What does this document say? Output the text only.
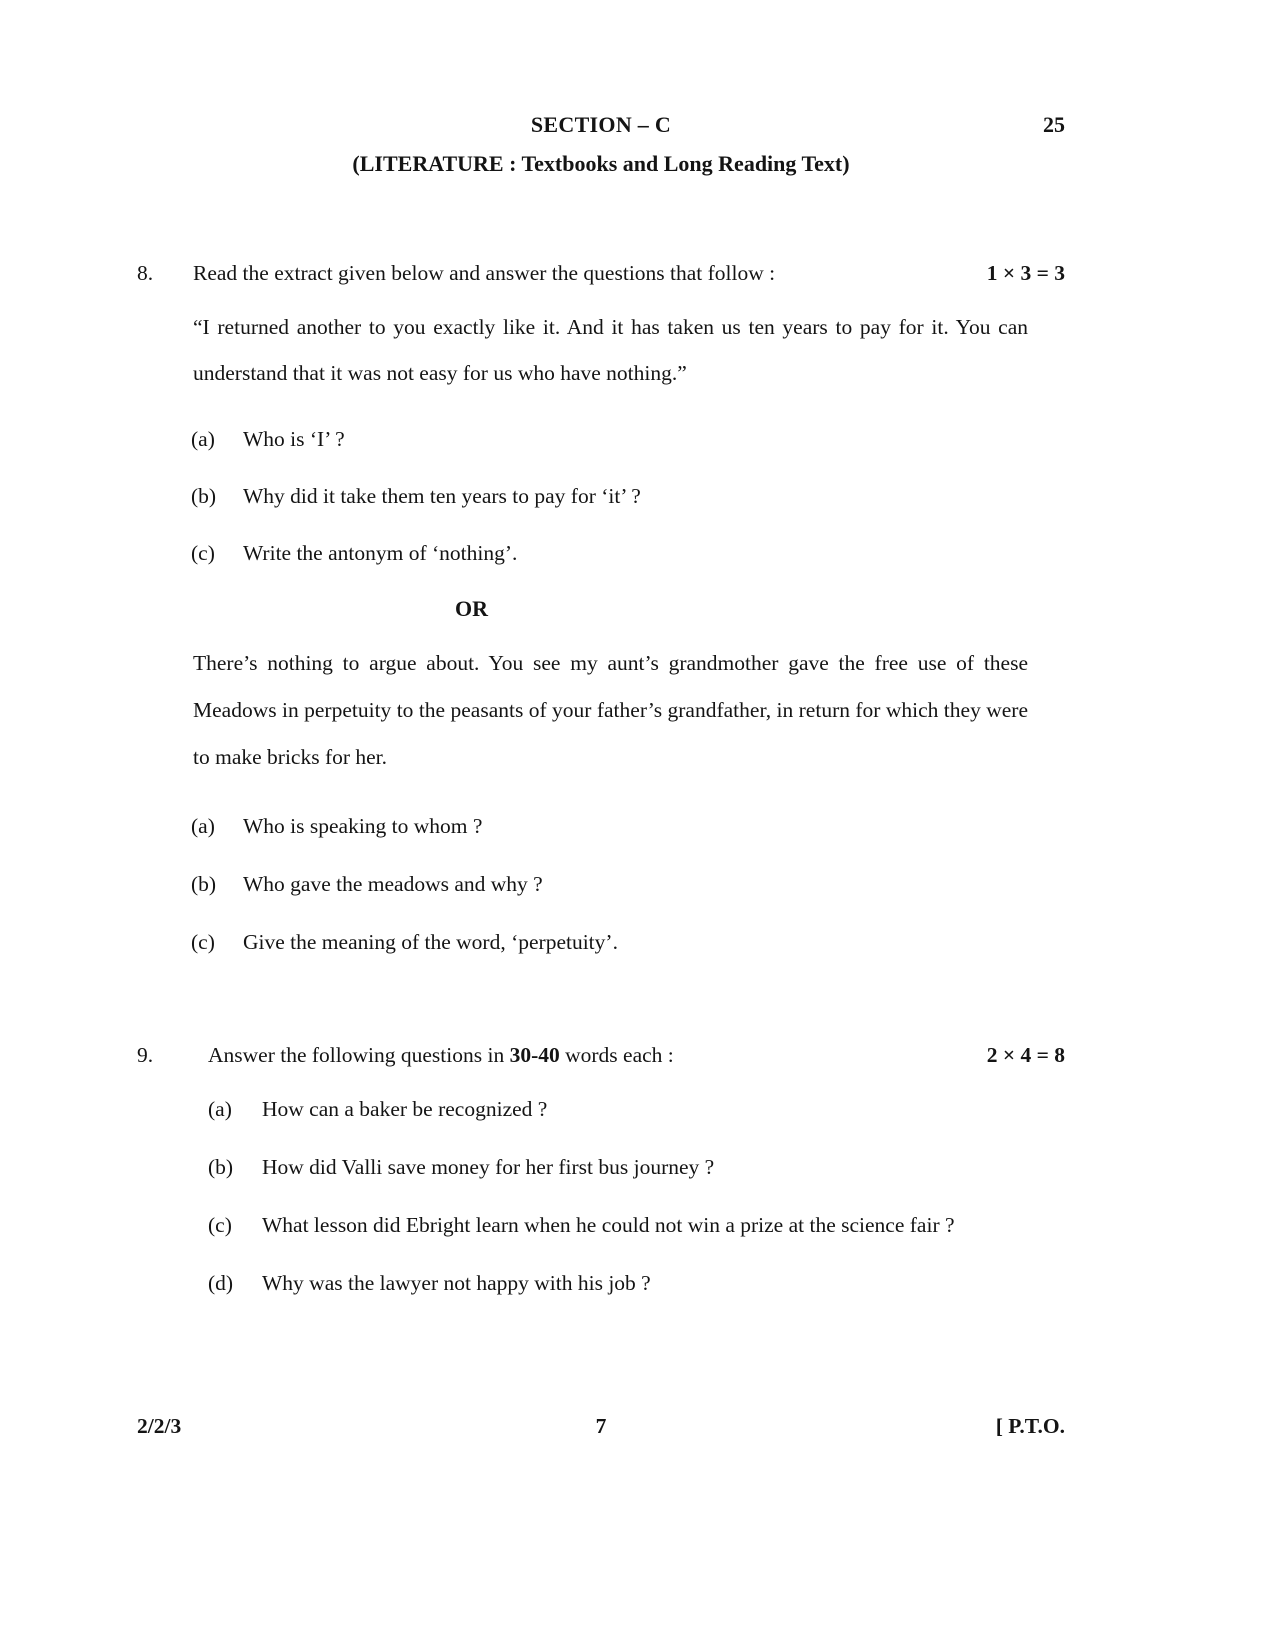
SECTION – C	25
(LITERATURE : Textbooks and Long Reading Text)
8.	Read the extract given below and answer the questions that follow :	1 × 3 = 3
“I returned another to you exactly like it. And it has taken us ten years to pay for it. You can understand that it was not easy for us who have nothing.”
(a)	Who is ‘I’ ?
(b)	Why did it take them ten years to pay for ‘it’ ?
(c)	Write the antonym of ‘nothing’.
OR
There’s nothing to argue about. You see my aunt’s grandmother gave the free use of these Meadows in perpetuity to the peasants of your father’s grandfather, in return for which they were to make bricks for her.
(a)	Who is speaking to whom ?
(b)	Who gave the meadows and why ?
(c)	Give the meaning of the word, ‘perpetuity’.
9.	Answer the following questions in 30-40 words each :	2 × 4 = 8
(a)	How can a baker be recognized ?
(b)	How did Valli save money for her first bus journey ?
(c)	What lesson did Ebright learn when he could not win a prize at the science fair ?
(d)	Why was the lawyer not happy with his job ?
2/2/3	7	[ P.T.O.
